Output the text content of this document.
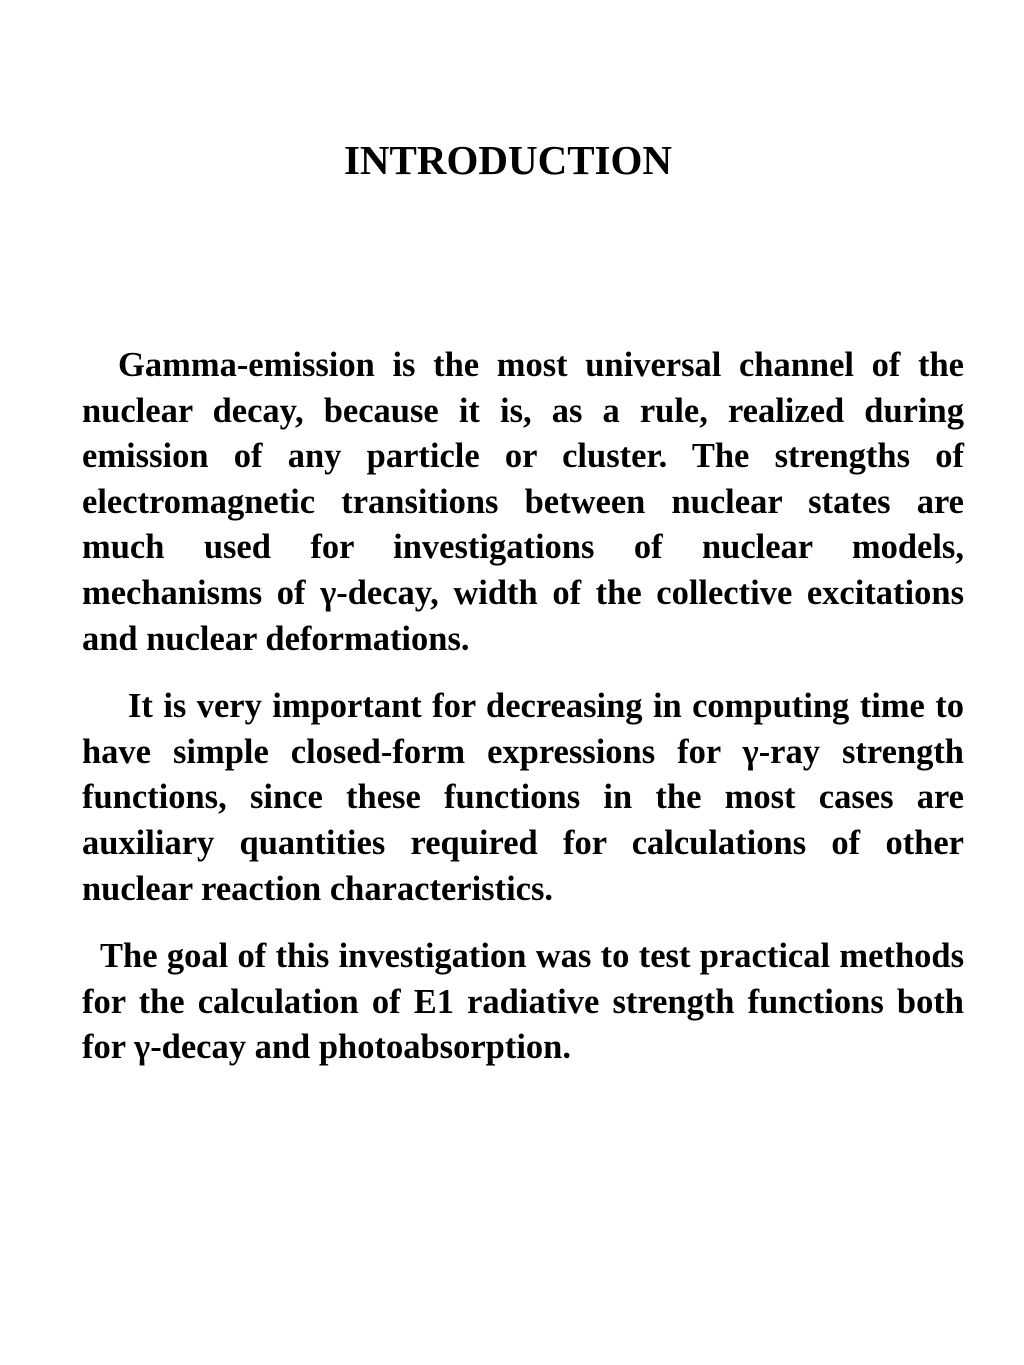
INTRODUCTION

Gamma-emission is the most universal channel of the nuclear decay, because it is, as a rule, realized during emission of any particle or cluster. The strengths of electromagnetic transitions between nuclear states are much used for investigations of nuclear models, mechanisms of γ-decay, width of the collective excitations and nuclear deformations.

It is very important for decreasing in computing time to have simple closed-form expressions for γ-ray strength functions, since these functions in the most cases are auxiliary quantities required for calculations of other nuclear reaction characteristics.

The goal of this investigation was to test practical methods for the calculation of E1 radiative strength functions both for γ-decay and photoabsorption.
